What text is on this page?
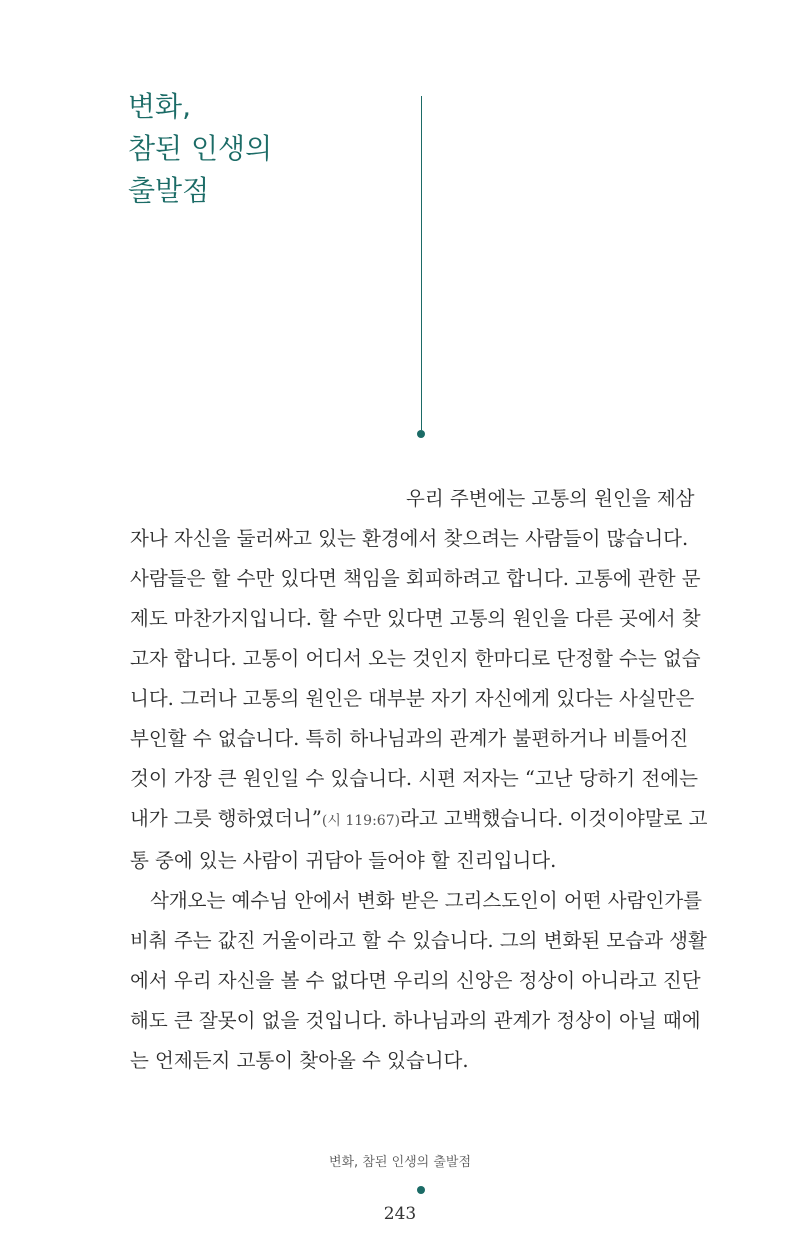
변화,
참된 인생의
출발점

우리 주변에는 고통의 원인을 제삼
자나 자신을 둘러싸고 있는 환경에서 찾으려는 사람들이 많습니다.
사람들은 할 수만 있다면 책임을 회피하려고 합니다. 고통에 관한 문
제도 마찬가지입니다. 할 수만 있다면 고통의 원인을 다른 곳에서 찾
고자 합니다. 고통이 어디서 오는 것인지 한마디로 단정할 수는 없습
니다. 그러나 고통의 원인은 대부분 자기 자신에게 있다는 사실만은
부인할 수 없습니다. 특히 하나님과의 관계가 불편하거나 비틀어진
것이 가장 큰 원인일 수 있습니다. 시편 저자는 “고난 당하기 전에는
내가 그릇 행하였더니”(시 119:67)라고 고백했습니다. 이것이야말로 고
통 중에 있는 사람이 귀담아 들어야 할 진리입니다.

삭개오는 예수님 안에서 변화 받은 그리스도인이 어떤 사람인가를
비춰 주는 값진 거울이라고 할 수 있습니다. 그의 변화된 모습과 생활
에서 우리 자신을 볼 수 없다면 우리의 신앙은 정상이 아니라고 진단
해도 큰 잘못이 없을 것입니다. 하나님과의 관계가 정상이 아닐 때에
는 언제든지 고통이 찾아올 수 있습니다.

변화, 참된 인생의 출발점
243
